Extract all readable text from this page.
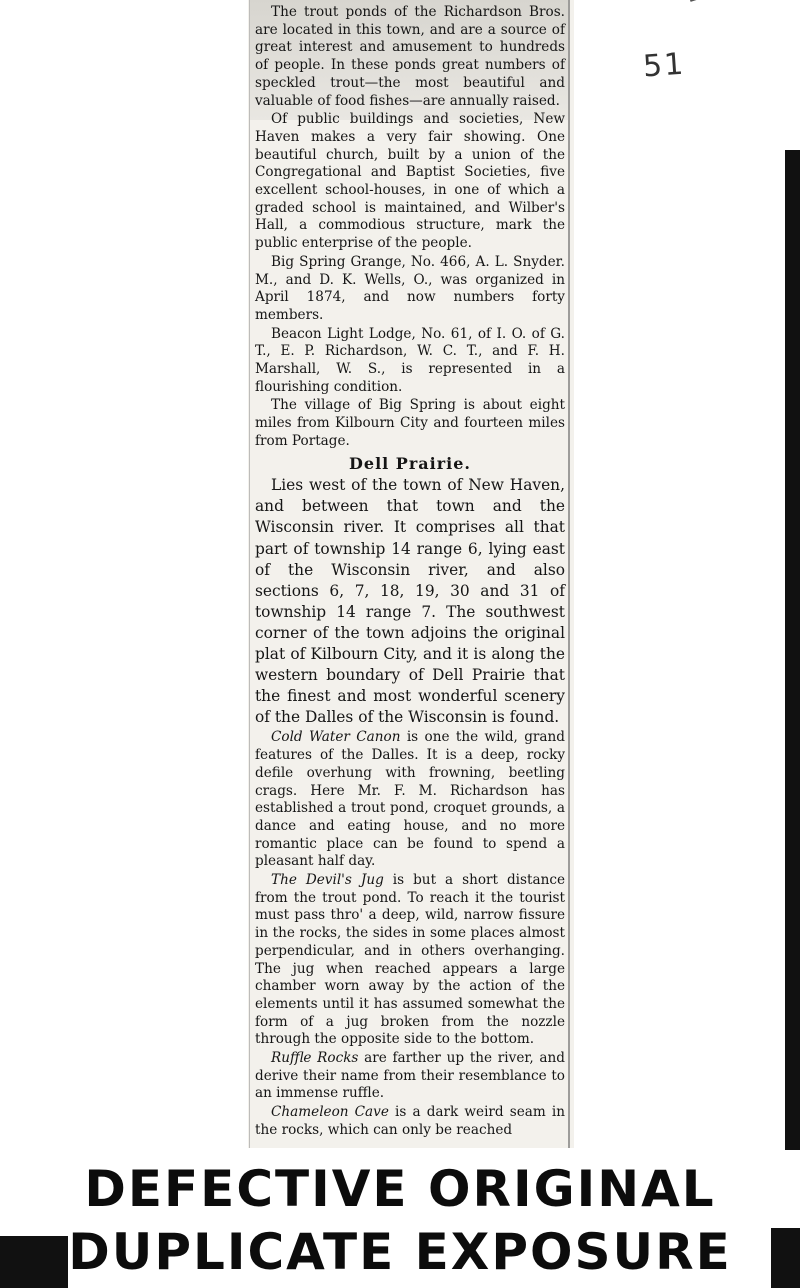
51

The trout ponds of the Richardson Bros. are located in this town, and are a source of great interest and amusement to hundreds of people. In these ponds great numbers of speckled trout—the most beautiful and valuable of food fishes—are annually raised.

Of public buildings and societies, New Haven makes a very fair showing. One beautiful church, built by a union of the Congregational and Baptist Societies, five excellent school-houses, in one of which a graded school is maintained, and Wilber's Hall, a commodious structure, mark the public enterprise of the people.

Big Spring Grange, No. 466, A. L. Snyder. M., and D. K. Wells, O., was organized in April 1874, and now numbers forty members.

Beacon Light Lodge, No. 61, of I. O. of G. T., E. P. Richardson, W. C. T., and F. H. Marshall, W. S., is represented in a flourishing condition.

The village of Big Spring is about eight miles from Kilbourn City and fourteen miles from Portage.

Dell Prairie.

Lies west of the town of New Haven, and between that town and the Wisconsin river. It comprises all that part of township 14 range 6, lying east of the Wisconsin river, and also sections 6, 7, 18, 19, 30 and 31 of township 14 range 7. The southwest corner of the town adjoins the original plat of Kilbourn City, and it is along the western boundary of Dell Prairie that the finest and most wonderful scenery of the Dalles of the Wisconsin is found.

Cold Water Canon is one the wild, grand features of the Dalles. It is a deep, rocky defile overhung with frowning, beetling crags. Here Mr. F. M. Richardson has established a trout pond, croquet grounds, a dance and eating house, and no more romantic place can be found to spend a pleasant half day.

The Devil's Jug is but a short distance from the trout pond. To reach it the tourist must pass thro' a deep, wild, narrow fissure in the rocks, the sides in some places almost perpendicular, and in others overhanging. The jug when reached appears a large chamber worn away by the action of the elements until it has assumed somewhat the form of a jug broken from the nozzle through the opposite side to the bottom.

Ruffle Rocks are farther up the river, and derive their name from their resemblance to an immense ruffle.

Chameleon Cave is a dark weird seam in the rocks, which can only be reached

DEFECTIVE ORIGINAL
DUPLICATE EXPOSURE
